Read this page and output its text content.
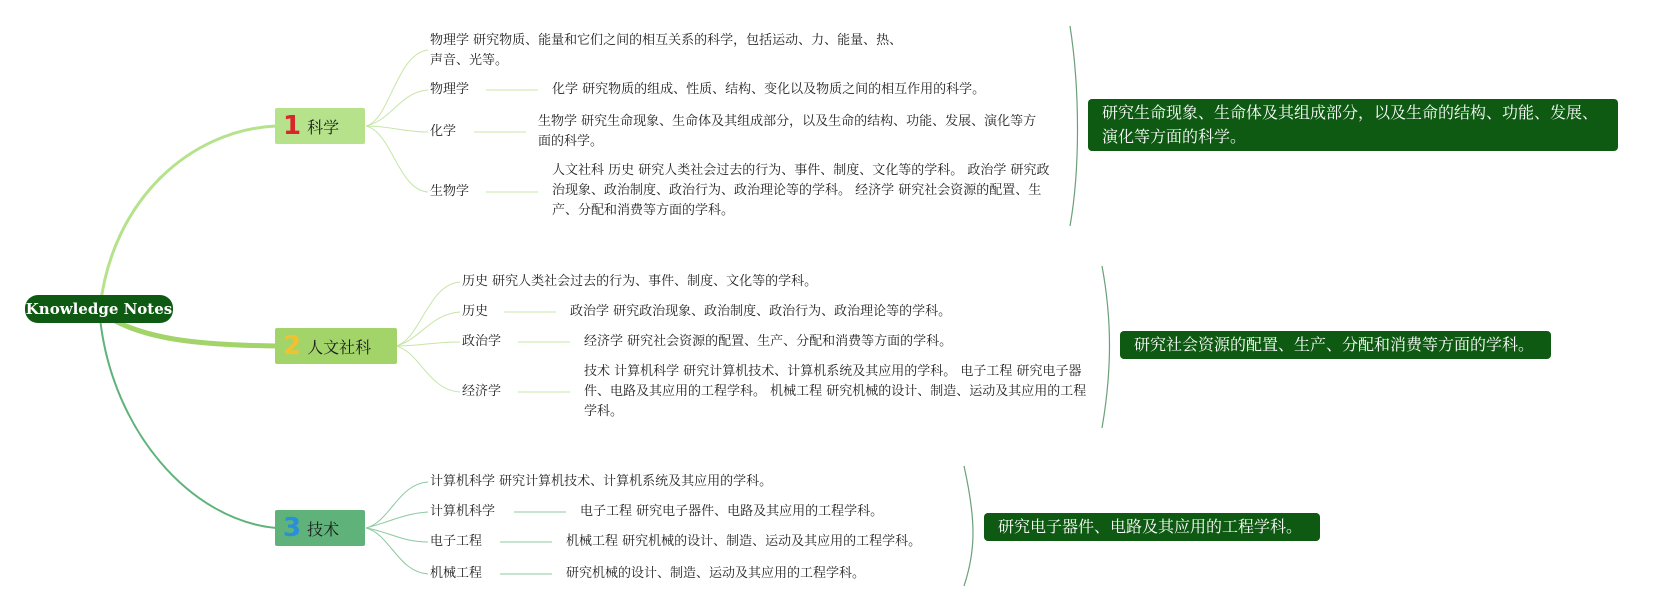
Knowledge Notes
1 科学
物理学 研究物质、能量和它们之间的相互关系的科学，包括运动、力、能量、热、声音、光等。
物理学
化学
生物学
化学 研究物质的组成、性质、结构、变化以及物质之间的相互作用的科学。
生物学 研究生命现象、生命体及其组成部分，以及生命的结构、功能、发展、演化等方面的科学。
人文社科 历史 研究人类社会过去的行为、事件、制度、文化等的学科。 政治学 研究政治现象、政治制度、政治行为、政治理论等的学科。 经济学 研究社会资源的配置、生产、分配和消费等方面的学科。
研究生命现象、生命体及其组成部分，以及生命的结构、功能、发展、演化等方面的科学。
2 人文社科
历史 研究人类社会过去的行为、事件、制度、文化等的学科。
历史
政治学
经济学
政治学 研究政治现象、政治制度、政治行为、政治理论等的学科。
经济学 研究社会资源的配置、生产、分配和消费等方面的学科。
技术 计算机科学 研究计算机技术、计算机系统及其应用的学科。 电子工程 研究电子器件、电路及其应用的工程学科。 机械工程 研究机械的设计、制造、运动及其应用的工程学科。
研究社会资源的配置、生产、分配和消费等方面的学科。
3 技术
计算机科学 研究计算机技术、计算机系统及其应用的学科。
计算机科学
电子工程
机械工程
电子工程 研究电子器件、电路及其应用的工程学科。
机械工程 研究机械的设计、制造、运动及其应用的工程学科。
研究机械的设计、制造、运动及其应用的工程学科。
研究电子器件、电路及其应用的工程学科。
